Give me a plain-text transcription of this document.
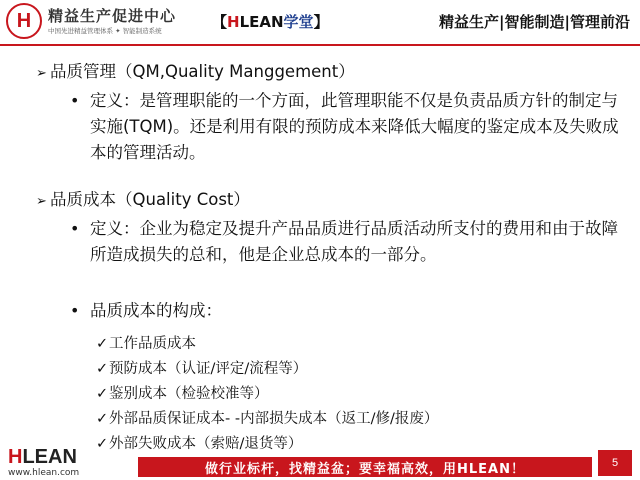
H 精益生产促进中心
中国先进精益管理体系 ✦ 智能制造系统	【HLEAN学堂】	精益生产|智能制造|管理前沿
➢ 品质管理（QM,Quality Manggement）
• 定义：是管理职能的一个方面，此管理职能不仅是负责品质方针的制定与实施(TQM)。还是利用有限的预防成本来降低大幅度的鉴定成本及失败成本的管理活动。
➢ 品质成本（Quality Cost）
• 定义：企业为稳定及提升产品品质进行品质活动所支付的费用和由于故障所造成损失的总和，他是企业总成本的一部分。
• 品质成本的构成：
✓工作品质成本
✓预防成本（认证/评定/流程等）
✓鉴别成本（检验校准等）
✓外部品质保证成本- -内部损失成本（返工/修/报废）
✓外部失败成本（索赔/退货等）
HLEAN
www.hlean.com	做行业标杆，找精益盆；要幸福高效，用HLEAN！	5
